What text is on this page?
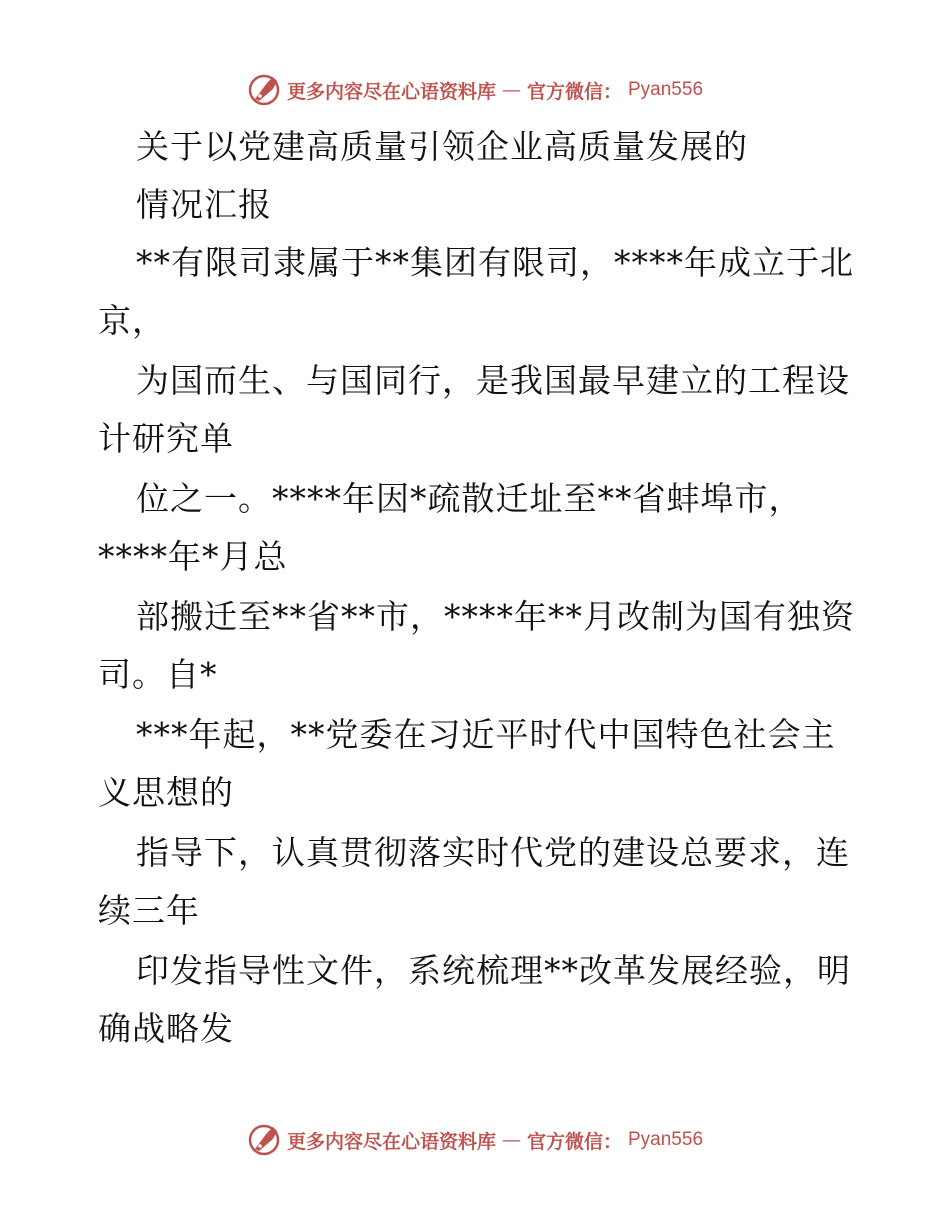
更多内容尽在心语资料库 — 官方微信： Pyan556
关于以党建高质量引领企业高质量发展的
情况汇报
**有限司隶属于**集团有限司，****年成立于北
京，
为国而生、与国同行，是我国最早建立的工程设
计研究单
位之一。****年因*疏散迁址至**省蚌埠市，
****年*月总
部搬迁至**省**市，****年**月改制为国有独资
司。自*
***年起，**党委在习近平时代中国特色社会主
义思想的
指导下，认真贯彻落实时代党的建设总要求，连
续三年
印发指导性文件，系统梳理**改革发展经验，明
确战略发
更多内容尽在心语资料库 — 官方微信： Pyan556
